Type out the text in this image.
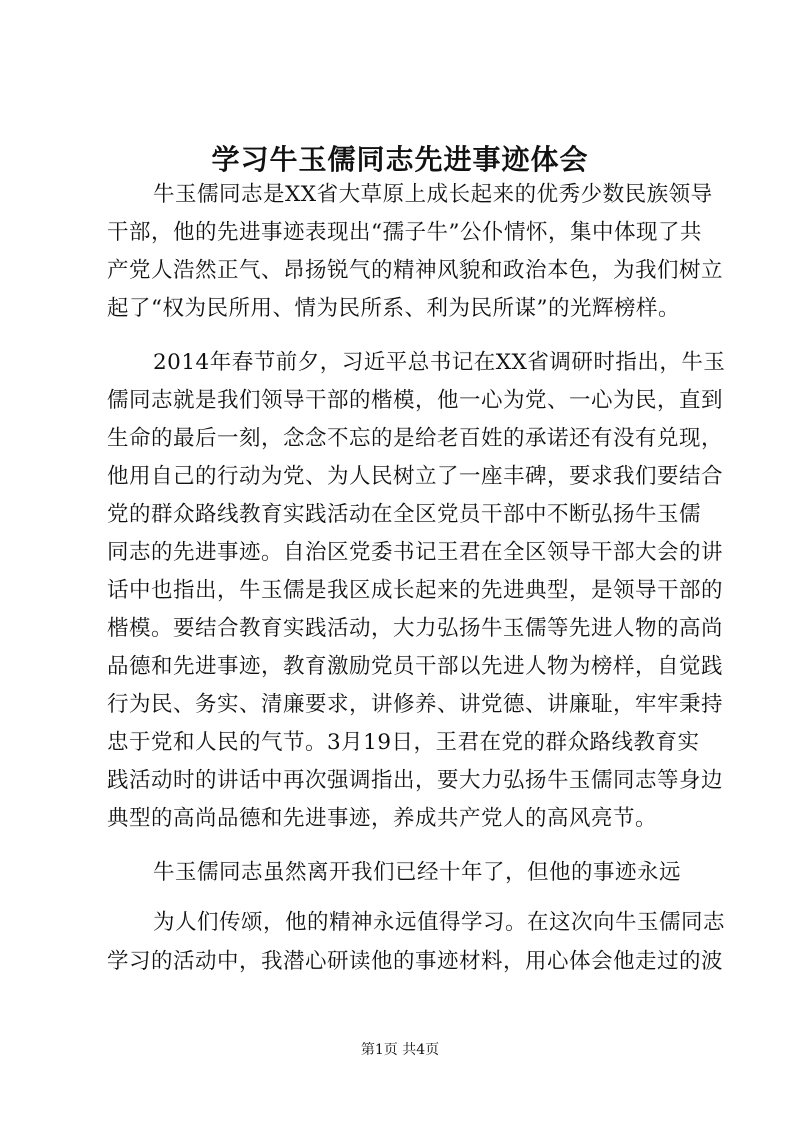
学习牛玉儒同志先进事迹体会
牛玉儒同志是XX省大草原上成长起来的优秀少数民族领导
干部，他的先进事迹表现出“孺子牛”公仆情怀，集中体现了共
产党人浩然正气、昂扬锐气的精神风貌和政治本色，为我们树立
起了“权为民所用、情为民所系、利为民所谋”的光辉榜样。
2014年春节前夕，习近平总书记在XX省调研时指出，牛玉
儒同志就是我们领导干部的楷模，他一心为党、一心为民，直到
生命的最后一刻，念念不忘的是给老百姓的承诺还有没有兑现，
他用自己的行动为党、为人民树立了一座丰碑，要求我们要结合
党的群众路线教育实践活动在全区党员干部中不断弘扬牛玉儒
同志的先进事迹。自治区党委书记王君在全区领导干部大会的讲
话中也指出，牛玉儒是我区成长起来的先进典型，是领导干部的
楷模。要结合教育实践活动，大力弘扬牛玉儒等先进人物的高尚
品德和先进事迹，教育激励党员干部以先进人物为榜样，自觉践
行为民、务实、清廉要求，讲修养、讲党德、讲廉耻，牢牢秉持
忠于党和人民的气节。3月19日，王君在党的群众路线教育实
践活动时的讲话中再次强调指出，要大力弘扬牛玉儒同志等身边
典型的高尚品德和先进事迹，养成共产党人的高风亮节。
牛玉儒同志虽然离开我们已经十年了，但他的事迹永远
为人们传颂，他的精神永远值得学习。在这次向牛玉儒同志
学习的活动中，我潜心研读他的事迹材料，用心体会他走过的波
第1页 共4页
